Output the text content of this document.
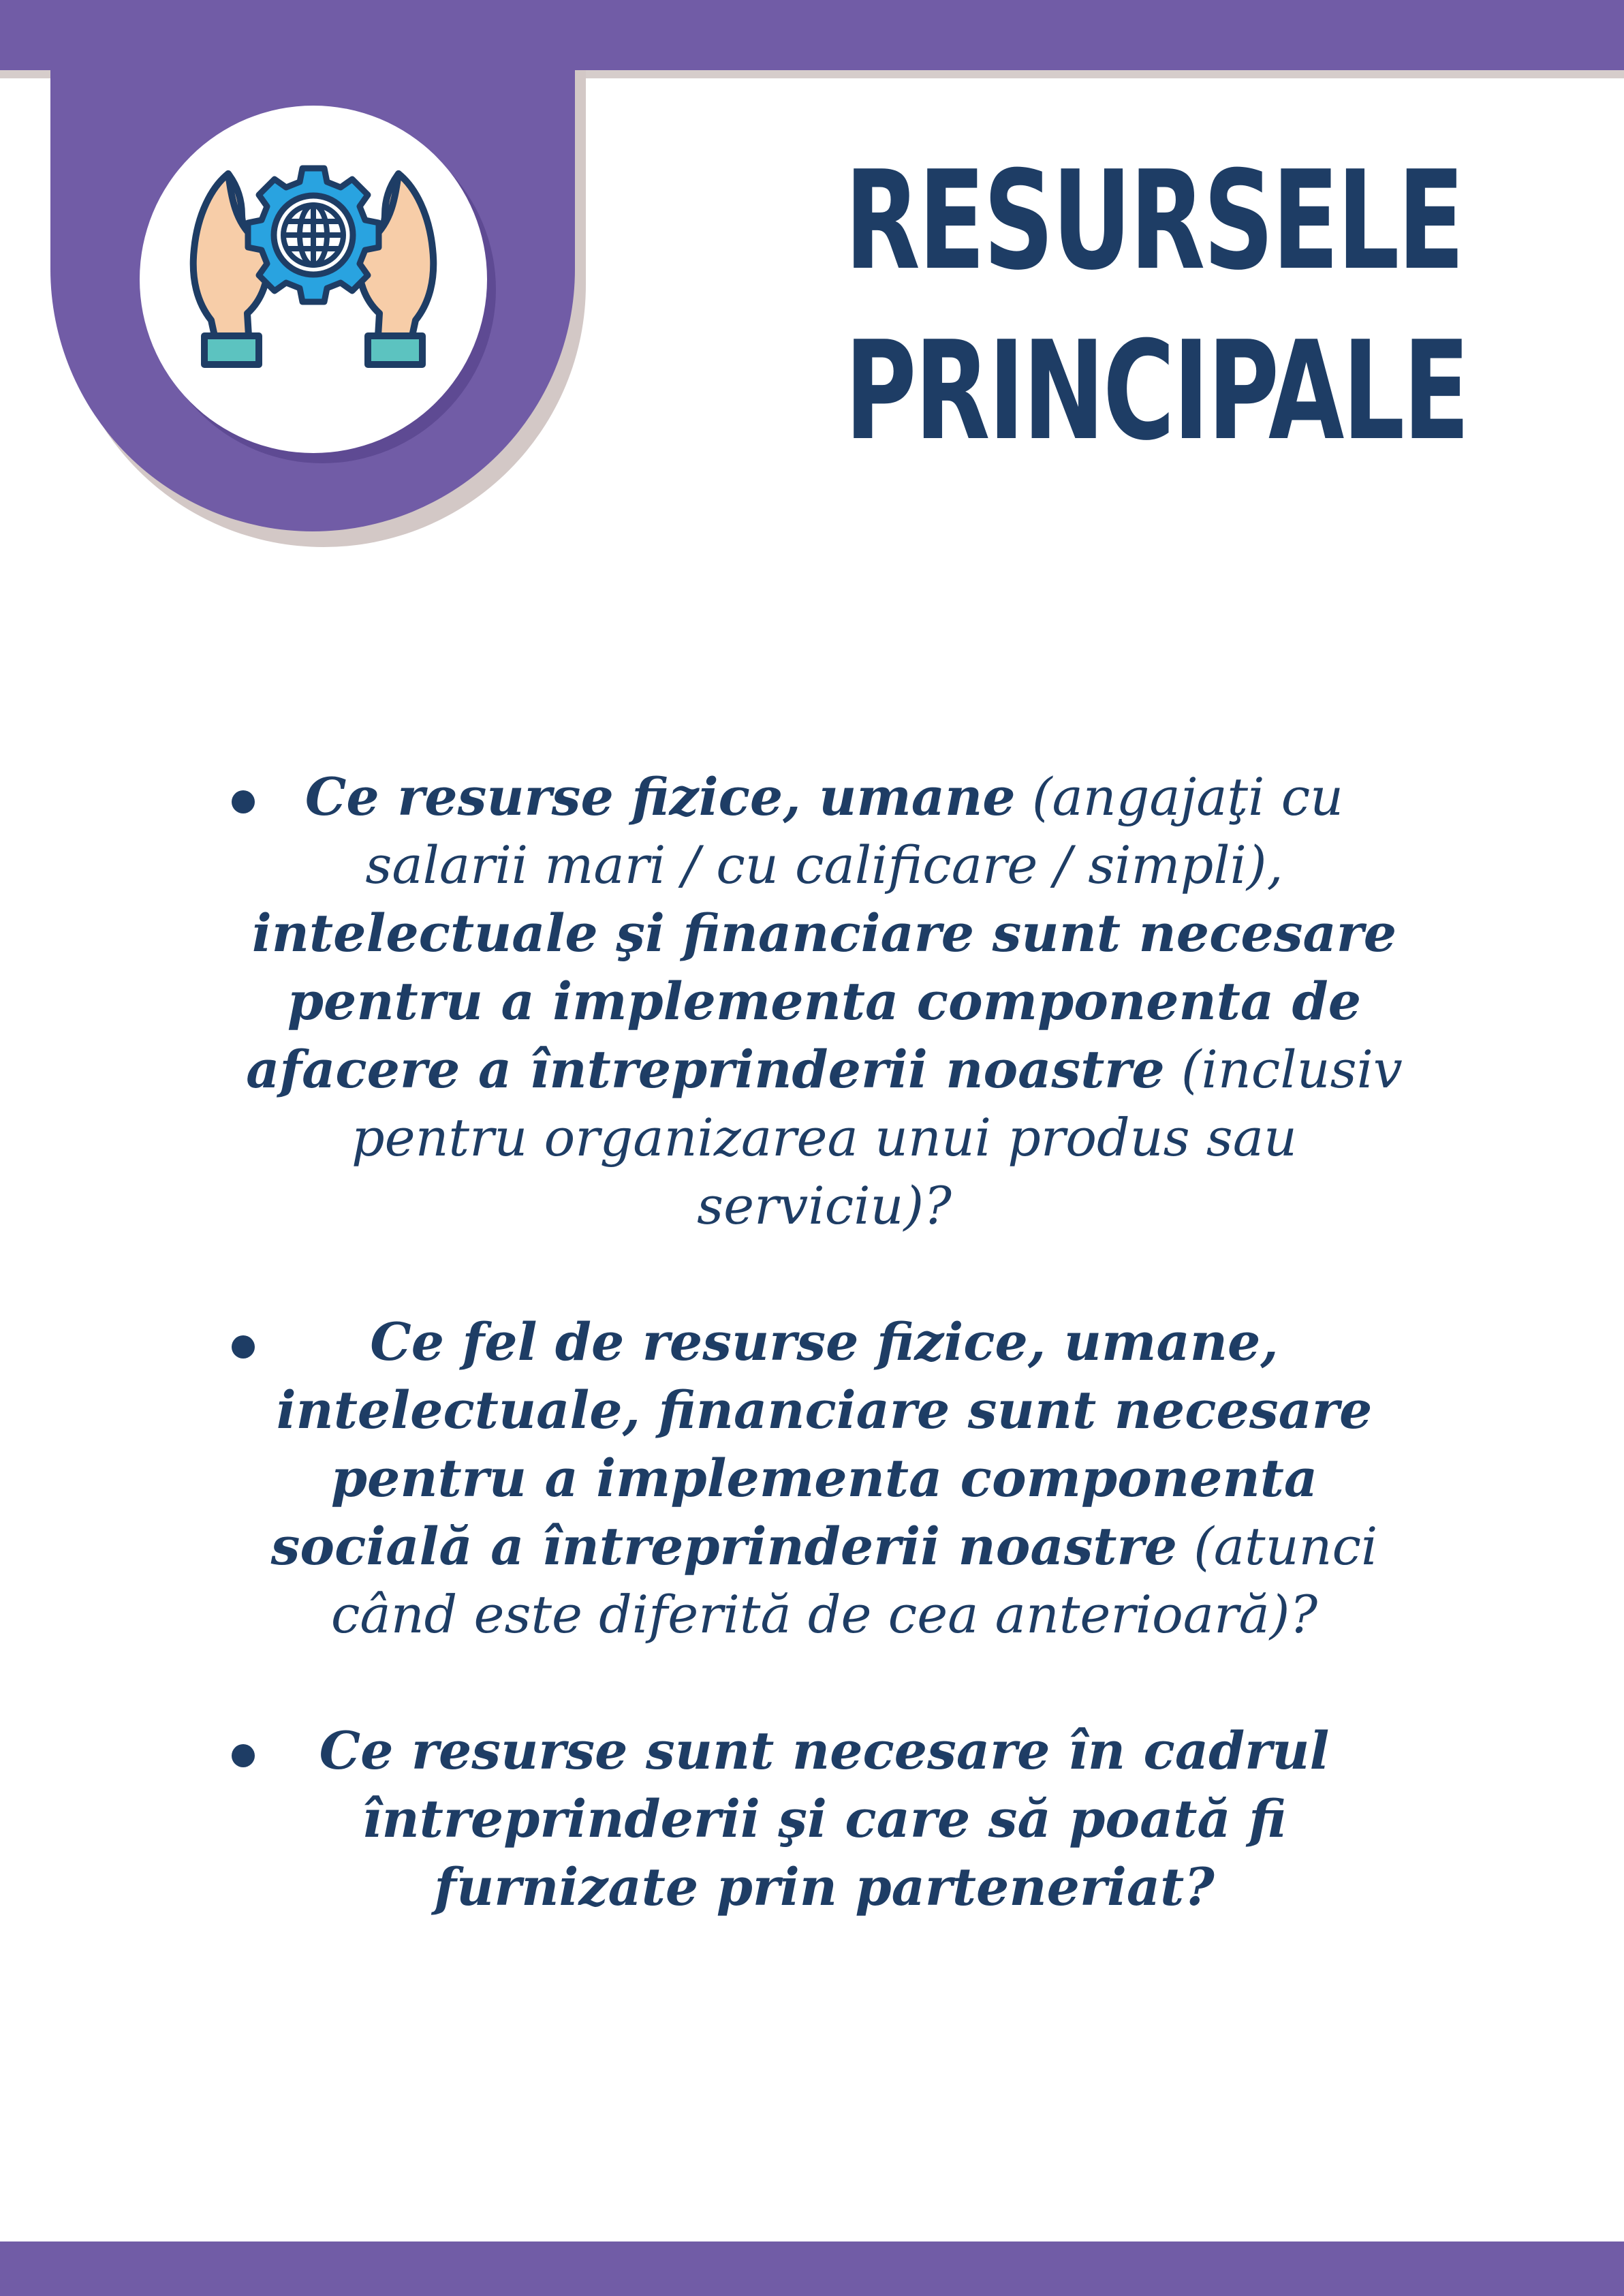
RESURSELE
PRINCIPALE
Ce resurse fizice, umane (angajaţi cu salarii mari / cu calificare / simpli), intelectuale şi financiare sunt necesare pentru a implementa componenta de afacere a întreprinderii noastre (inclusiv pentru organizarea unui produs sau serviciu)?
Ce fel de resurse fizice, umane, intelectuale, financiare sunt necesare pentru a implementa componenta socială a întreprinderii noastre (atunci când este diferită de cea anterioară)?
Ce resurse sunt necesare în cadrul întreprinderii şi care să poată fi furnizate prin parteneriat?
